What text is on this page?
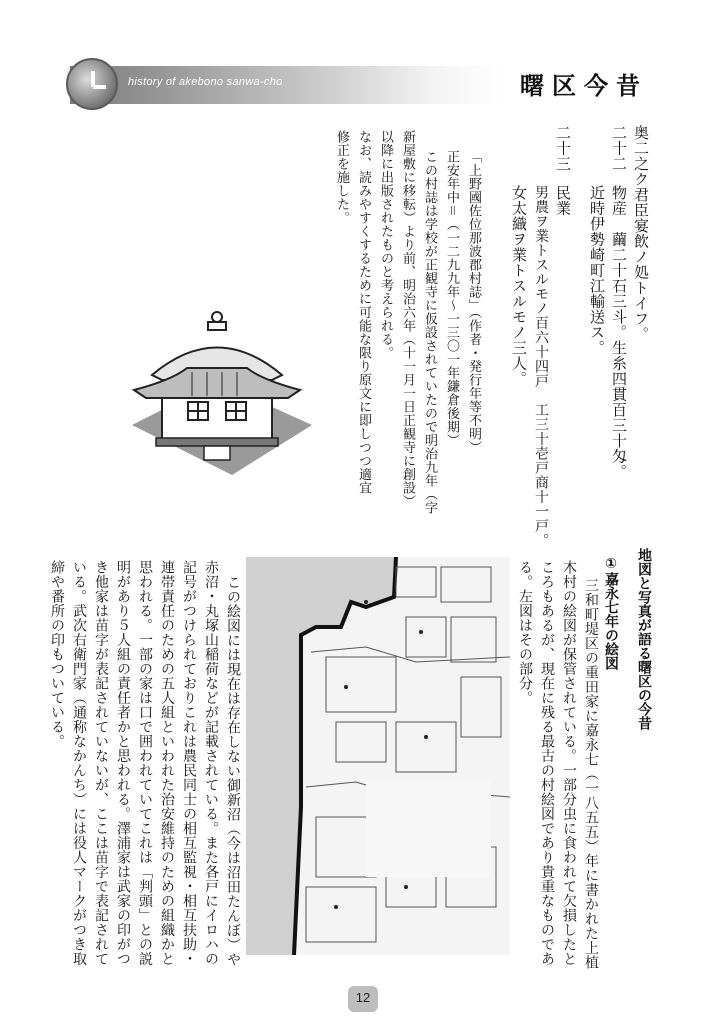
history of akebono sanwa-cho	曙区今昔
奥二之ク君臣宴飲ノ処トイフ。
二十二
物産　繭二十石三斗。生糸四貫百三十匁。
近時伊勢崎町江輸送ス。
二十三
民業
男農ヲ業トスルモノ百六十四戸　工三十壱戸商十一戸。
女太織ヲ業トスルモノ三人。
「上野國佐位那波郡村誌」（作者・発行年等不明）
正安年中＝（一二九九年〜一三〇一年鎌倉後期）
この村誌は学校が正観寺に仮設されていたので明治九年（字
新屋敷に移転）より前、明治六年（十一月一日正観寺に創設）
以降に出版されたものと考えられる。
なお、読みやすくするために可能な限り原文に即しつつ適宜
修正を施した。
地図と写真が語る曙区の今昔
①嘉永七年の絵図
三和町堤区の重田家に嘉永七（一八五五）年に書かれた上植
木村の絵図が保管されている。一部分虫に食われて欠損したと
ころもあるが、現在に残る最古の村絵図であり貴重なものであ
る。左図はその部分。
この絵図には現在は存在しない御新沼（今は沼田たんぼ）や
赤沼・丸塚山稲荷などが記載されている。また各戸にイロハの
記号がつけられておりこれは農民同士の相互監視・相互扶助・
連帯責任のための五人組といわれた治安維持のための組織かと
思われる。一部の家は口で囲われていてこれは「判頭」との説
明があり５人組の責任者かと思われる。澤浦家は武家の印がつ
き他家は苗字が表記されていないが、ここは苗字で表記されて
いる。武次右衛門家（通称なかんち）には役人マークがつき取
締や番所の印もついている。
12
